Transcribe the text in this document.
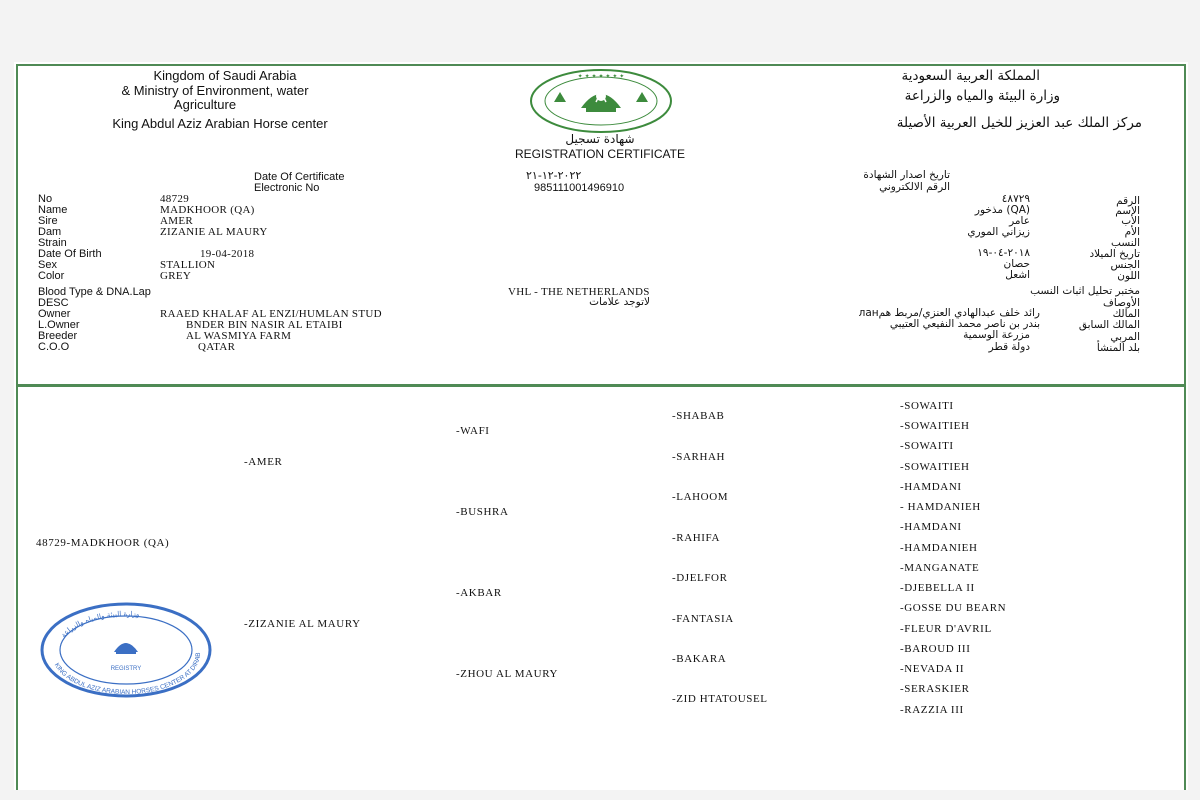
Kingdom of Saudi Arabia
& Ministry of Environment, water
Agriculture
King Abdul Aziz Arabian Horse center
المملكة العربية السعودية
وزارة البيئة والمياه والزراعة
مركز الملك عبد العزيز للخيل العربية الأصيلة
✦ ✦ ✦ ✦ ✦ ✦ ✦
شهادة تسجيل
REGISTRATION CERTIFICATE
Date Of Certificate	٢٠٢٢-١٢-٢١	تاريخ اصدار الشهادة
Electronic No	985111001496910	الرقم الالكتروني
No	48729	٤٨٧٢٩	الرقم
Name	MADKHOOR (QA)	(QA) مذخور	الاسم
Sire	AMER	عامر	الأب
Dam	ZIZANIE AL MAURY	زيزاني الموري	الأم
Strain	النسب
Date Of Birth	19-04-2018	٢٠١٨-٠٤-١٩	تاريخ الميلاد
Sex	STALLION	حصان	الجنس
Color	GREY	اشعل	اللون
Blood Type & DNA.Lap	VHL - THE NETHERLANDS	مختبر تحليل اثبات النسب
DESC	لاتوجد علامات	الأوصاف
Owner	RAAED KHALAF AL ENZI/HUMLAN STUD	رائد خلف عبدالهادي العنزي/مربط همлан	المالك
L.Owner	BNDER BIN NASIR AL ETAIBI	بندر بن ناصر محمد النفيعي العتيبي	المالك السابق
Breeder	AL WASMIYA FARM	مزرعة الوسمية	المربي
C.O.O	QATAR	دولة قطر	بلد المنشأ
48729-MADKHOOR (QA)
-AMER
-ZIZANIE AL MAURY
-WAFI
-BUSHRA
-AKBAR
-ZHOU AL MAURY
-SHABAB
-SARHAH
-LAHOOM
-RAHIFA
-DJELFOR
-FANTASIA
-BAKARA
-ZID HTATOUSEL
-SOWAITI
-SOWAITIEH
-SOWAITI
-SOWAITIEH
-HAMDANI
- HAMDANIEH
-HAMDANI
-HAMDANIEH
-MANGANATE
-DJEBELLA II
-GOSSE DU BEARN
-FLEUR D'AVRIL
-BAROUD III
-NEVADA II
-SERASKIER
-RAZZIA III
وزارة البيئة والمياه والزراعة
KING ABDUL AZIZ ARABIAN HORSES CENTER AT DIRAB
REGISTRY
